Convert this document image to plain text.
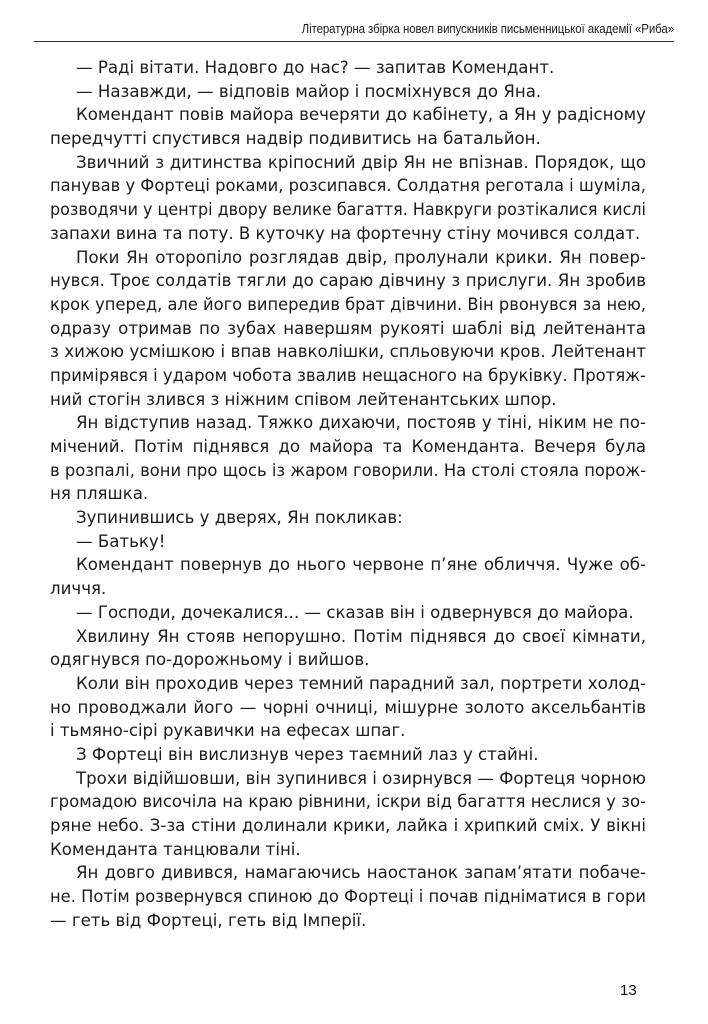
Літературна збірка новел випускників письменницької академії «Риба»
— Раді вітати. Надовго до нас? — запитав Комендант.
— Назавжди, — відповів майор і посміхнувся до Яна.
Комендант повів майора вечеряти до кабінету, а Ян у радісному
передчутті спустився надвір подивитись на батальйон.
Звичний з дитинства кріпосний двір Ян не впізнав. Порядок, що
панував у Фортеці роками, розсипався. Солдатня реготала і шуміла,
розводячи у центрі двору велике багаття. Навкруги розтікалися кислі
запахи вина та поту. В куточку на фортечну стіну мочився солдат.
Поки Ян оторопіло розглядав двір, пролунали крики. Ян повер-
нувся. Троє солдатів тягли до сараю дівчину з прислуги. Ян зробив
крок уперед, але його випередив брат дівчини. Він рвонувся за нею,
одразу отримав по зубах навершям рукояті шаблі від лейтенанта
з хижою усмішкою і впав навколішки, спльовуючи кров. Лейтенант
примірявся і ударом чобота звалив нещасного на бруківку. Протяж-
ний стогін злився з ніжним співом лейтенантських шпор.
Ян відступив назад. Тяжко дихаючи, постояв у тіні, ніким не по-
мічений. Потім піднявся до майора та Коменданта. Вечеря була
в розпалі, вони про щось із жаром говорили. На столі стояла порож-
ня пляшка.
Зупинившись у дверях, Ян покликав:
— Батьку!
Комендант повернув до нього червоне п’яне обличчя. Чуже об-
личчя.
— Господи, дочекалися... — сказав він і одвернувся до майора.
Хвилину Ян стояв непорушно. Потім піднявся до своєї кімнати,
одягнувся по-дорожньому і вийшов.
Коли він проходив через темний парадний зал, портрети холод-
но проводжали його — чорні очниці, мішурне золото аксельбантів
і тьмяно-сірі рукавички на ефесах шпаг.
З Фортеці він вислизнув через таємний лаз у стайні.
Трохи відійшовши, він зупинився і озирнувся — Фортеця чорною
громадою височіла на краю рівнини, іскри від багаття неслися у зо-
ряне небо. З-за стіни долинали крики, лайка і хрипкий сміх. У вікні
Коменданта танцювали тіні.
Ян довго дивився, намагаючись наостанок запам’ятати побаче-
не. Потім розвернувся спиною до Фортеці і почав підніматися в гори
— геть від Фортеці, геть від Імперії.
13
